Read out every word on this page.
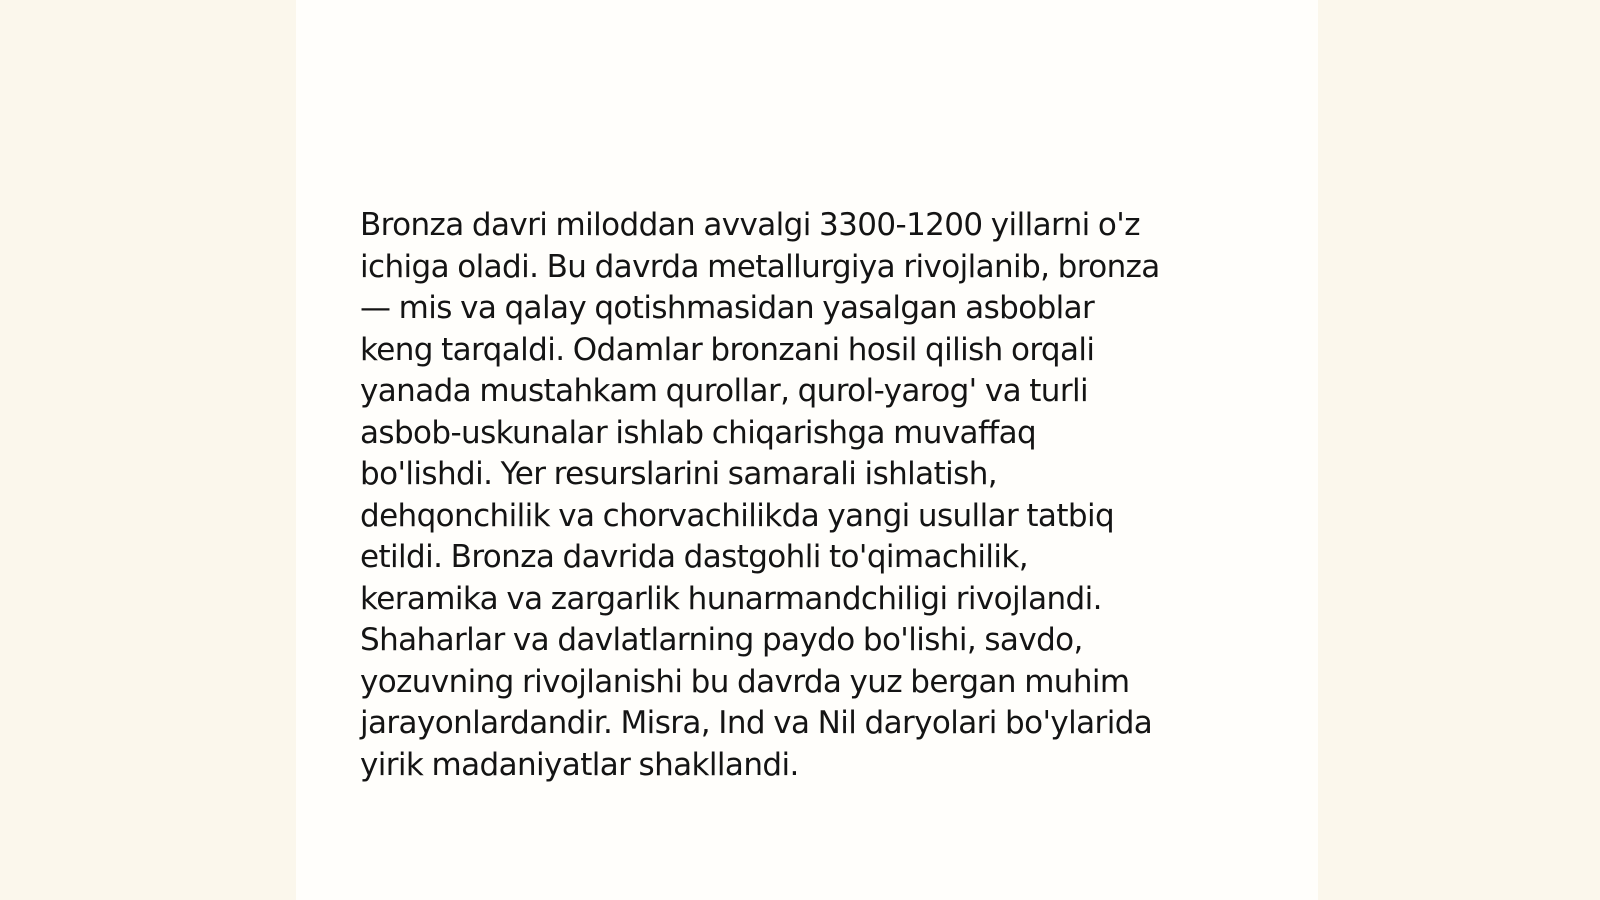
Bronza davri miloddan avvalgi 3300-1200 yillarni o'z
ichiga oladi. Bu davrda metallurgiya rivojlanib, bronza
— mis va qalay qotishmasidan yasalgan asboblar
keng tarqaldi. Odamlar bronzani hosil qilish orqali
yanada mustahkam qurollar, qurol-yarog' va turli
asbob-uskunalar ishlab chiqarishga muvaffaq
bo'lishdi. Yer resurslarini samarali ishlatish,
dehqonchilik va chorvachilikda yangi usullar tatbiq
etildi. Bronza davrida dastgohli to'qimachilik,
keramika va zargarlik hunarmandchiligi rivojlandi.
Shaharlar va davlatlarning paydo bo'lishi, savdo,
yozuvning rivojlanishi bu davrda yuz bergan muhim
jarayonlardandir. Misra, Ind va Nil daryolari bo'ylarida
yirik madaniyatlar shakllandi.
